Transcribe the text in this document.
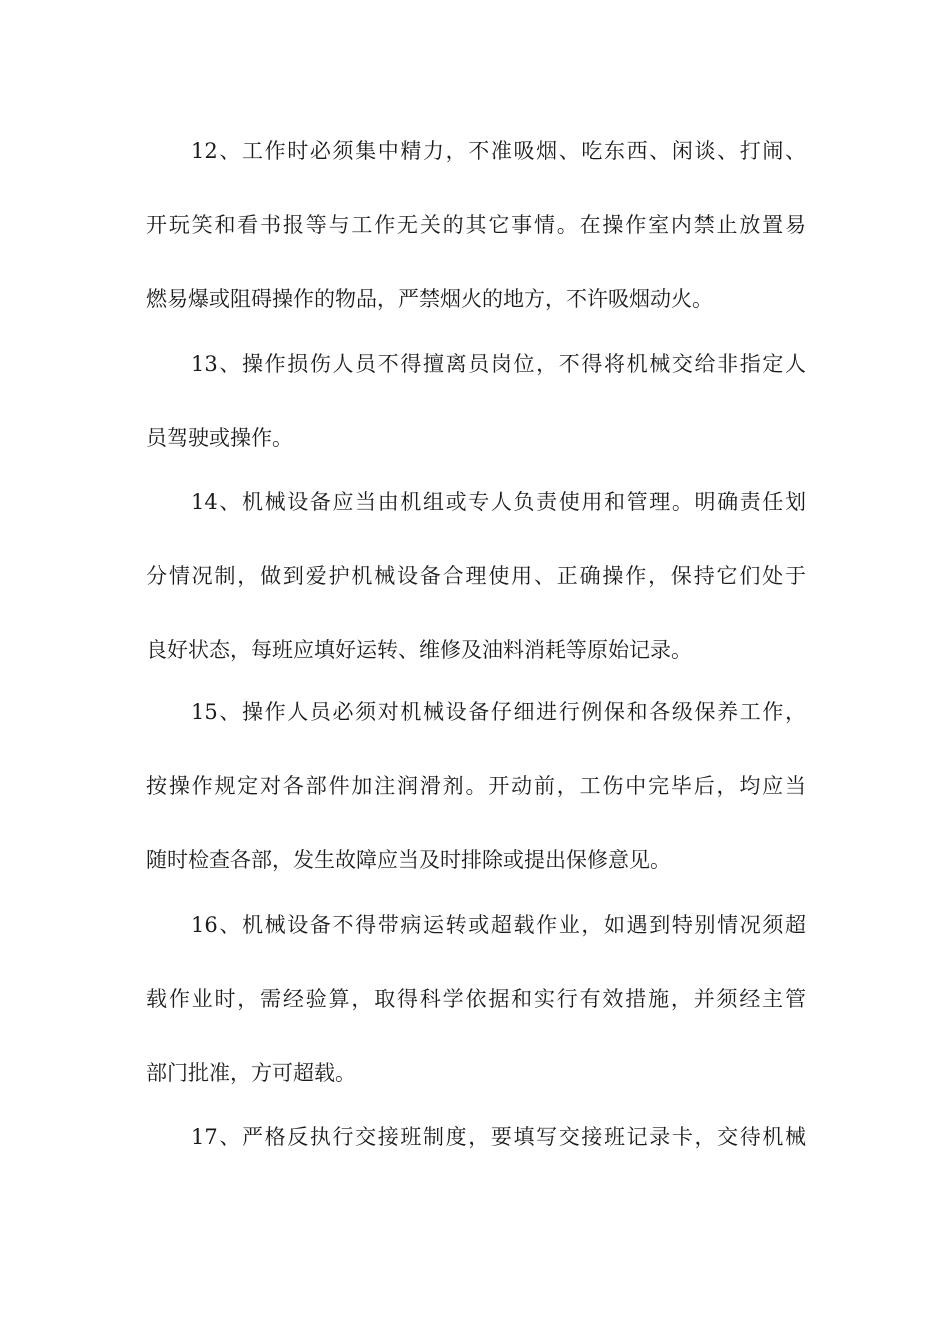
12、工作时必须集中精力，不准吸烟、吃东西、闲谈、打闹、
开玩笑和看书报等与工作无关的其它事情。在操作室内禁止放置易
燃易爆或阻碍操作的物品，严禁烟火的地方，不许吸烟动火。
13、操作损伤人员不得擅离员岗位，不得将机械交给非指定人
员驾驶或操作。
14、机械设备应当由机组或专人负责使用和管理。明确责任划
分情况制，做到爱护机械设备合理使用、正确操作，保持它们处于
良好状态，每班应填好运转、维修及油料消耗等原始记录。
15、操作人员必须对机械设备仔细进行例保和各级保养工作，
按操作规定对各部件加注润滑剂。开动前，工伤中完毕后，均应当
随时检查各部，发生故障应当及时排除或提出保修意见。
16、机械设备不得带病运转或超载作业，如遇到特别情况须超
载作业时，需经验算，取得科学依据和实行有效措施，并须经主管
部门批准，方可超载。
17、严格反执行交接班制度，要填写交接班记录卡，交待机械
